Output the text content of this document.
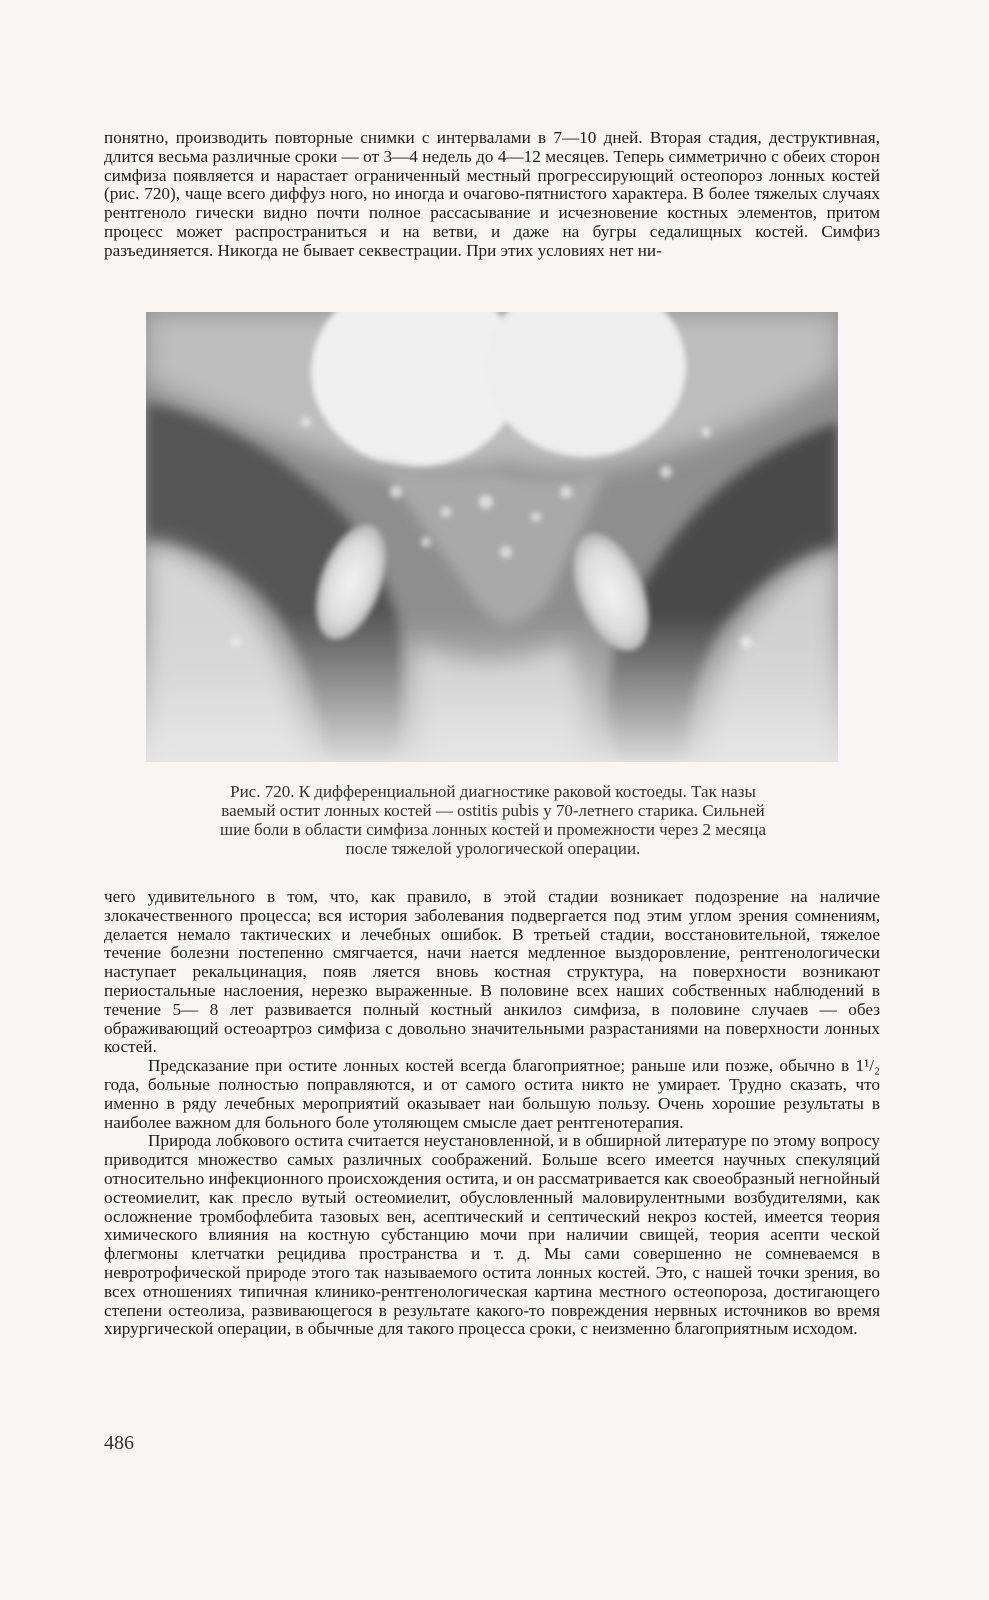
понятно, производить повторные снимки с интервалами в 7—10 дней. Вторая стадия, деструктивная, длится весьма различные сроки — от 3—4 недель до 4—12 месяцев. Теперь симметрично с обеих сторон симфиза появляется и нарастает ограниченный местный прогрессирующий остеопороз лонных костей (рис. 720), чаще всего диффуз ного, но иногда и очагово-пятнистого характера. В более тяжелых случаях рентгеноло гически видно почти полное рассасывание и исчезновение костных элементов, притом процесс может распространиться и на ветви, и даже на бугры седалищных костей. Симфиз разъединяется. Никогда не бывает секвестрации. При этих условиях нет ни-

Рис. 720. К дифференциальной диагностике раковой костоеды. Так назы
ваемый остит лонных костей — ostitis pubis у 70-летнего старика. Сильней
шие боли в области симфиза лонных костей и промежности через 2 месяца
после тяжелой урологической операции.

чего удивительного в том, что, как правило, в этой стадии возникает подозрение на наличие злокачественного процесса; вся история заболевания подвергается под этим углом зрения сомнениям, делается немало тактических и лечебных ошибок. В третьей стадии, восстановительной, тяжелое течение болезни постепенно смягчается, начи нается медленное выздоровление, рентгенологически наступает рекальцинация, появ ляется вновь костная структура, на поверхности возникают периостальные наслоения, нерезко выраженные. В половине всех наших собственных наблюдений в течение 5— 8 лет развивается полный костный анкилоз симфиза, в половине случаев — обез ображивающий остеоартроз симфиза с довольно значительными разрастаниями на поверхности лонных костей.

Предсказание при остите лонных костей всегда благоприятное; раньше или позже, обычно в 1¹/₂ года, больные полностью поправляются, и от самого остита никто не умирает. Трудно сказать, что именно в ряду лечебных мероприятий оказывает наи большую пользу. Очень хорошие результаты в наиболее важном для больного боле утоляющем смысле дает рентгенотерапия.

Природа лобкового остита считается неустановленной, и в обширной литературе по этому вопросу приводится множество самых различных соображений. Больше всего имеется научных спекуляций относительно инфекционного происхождения остита, и он рассматривается как своеобразный негнойный остеомиелит, как пресло вутый остеомиелит, обусловленный маловирулентными возбудителями, как осложнение тромбофлебита тазовых вен, асептический и септический некроз костей, имеется теория химического влияния на костную субстанцию мочи при наличии свищей, теория асепти ческой флегмоны клетчатки рецидива пространства и т. д. Мы сами совершенно не сомневаемся в невротрофической природе этого так называемого остита лонных костей. Это, с нашей точки зрения, во всех отношениях типичная клинико-рентгенологическая картина местного остеопороза, достигающего степени остеолиза, развивающегося в результате какого-то повреждения нервных источников во время хирургической операции, в обычные для такого процесса сроки, с неизменно благоприятным исходом.

486
